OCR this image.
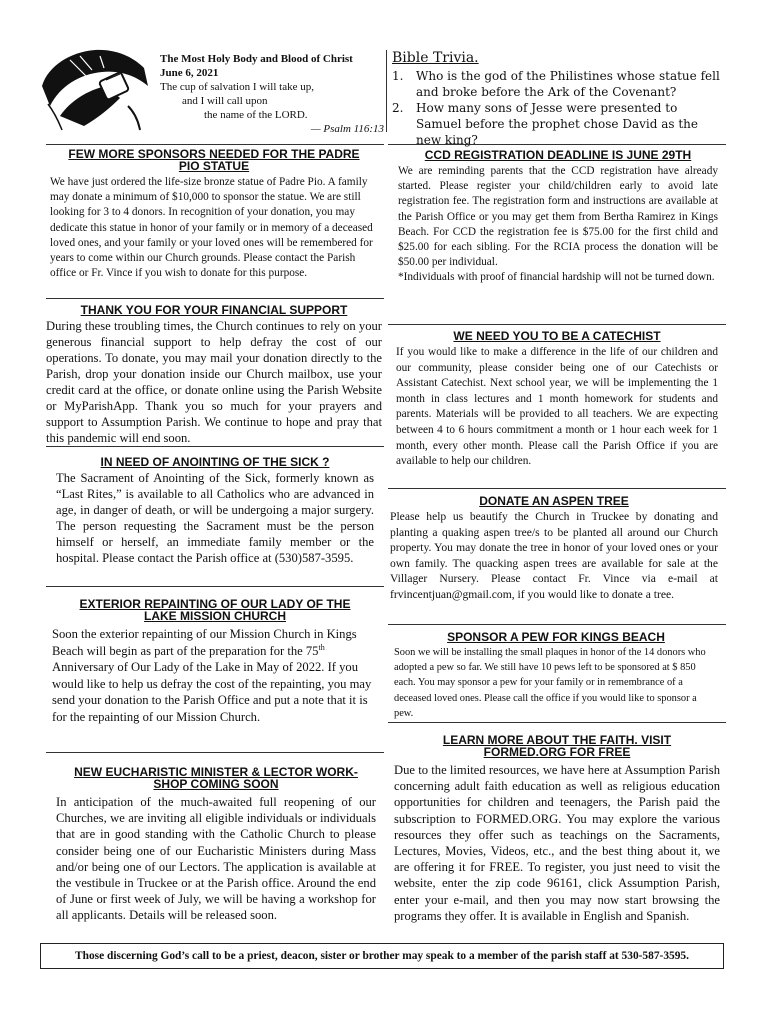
The Most Holy Body and Blood of Christ
June 6, 2021
The cup of salvation I will take up,
and I will call upon
the name of the LORD.
— Psalm 116:13
Bible Trivia.
1.	Who is the god of the Philistines whose statue fell and broke before the Ark of the Covenant?
2.	How many sons of Jesse were presented to Samuel before the prophet chose David as the new king?
FEW MORE SPONSORS NEEDED FOR THE PADRE PIO STATUE
We have just ordered the life-size bronze statue of Padre Pio. A family may donate a minimum of $10,000 to sponsor the statue. We are still looking for 3 to 4 donors. In recognition of your donation, you may dedicate this statue in honor of your family or in memory of a deceased loved ones, and your family or your loved ones will be remembered for years to come within our Church grounds. Please contact the Parish office or Fr. Vince if you wish to donate for this purpose.
THANK YOU FOR YOUR FINANCIAL SUPPORT
During these troubling times, the Church continues to rely on your generous financial support to help defray the cost of our operations. To donate, you may mail your donation directly to the Parish, drop your donation inside our Church mailbox, use your credit card at the office, or donate online using the Parish Website or MyParishApp. Thank you so much for your prayers and support to Assumption Parish. We continue to hope and pray that this pandemic will end soon.
IN NEED OF ANOINTING OF THE SICK ?
The Sacrament of Anointing of the Sick, formerly known as “Last Rites,” is available to all Catholics who are advanced in age, in danger of death, or will be undergoing a major surgery. The person requesting the Sacrament must be the person himself or herself, an immediate family member or the hospital. Please contact the Parish office at (530)587-3595.
EXTERIOR REPAINTING OF OUR LADY OF THE LAKE MISSION CHURCH
Soon the exterior repainting of our Mission Church in Kings Beach will begin as part of the preparation for the 75th Anniversary of Our Lady of the Lake in May of 2022. If you would like to help us defray the cost of the repainting, you may send your donation to the Parish Office and put a note that it is for the repainting of our Mission Church.
NEW EUCHARISTIC MINISTER & LECTOR WORK-SHOP COMING SOON
In anticipation of the much-awaited full reopening of our Churches, we are inviting all eligible individuals or individuals that are in good standing with the Catholic Church to please consider being one of our Eucharistic Ministers during Mass and/or being one of our Lectors. The application is available at the vestibule in Truckee or at the Parish office. Around the end of June or first week of July, we will be having a workshop for all applicants. Details will be released soon.
CCD REGISTRATION DEADLINE IS JUNE 29TH
We are reminding parents that the CCD registration have already started. Please register your child/children early to avoid late registration fee. The registration form and instructions are available at the Parish Office or you may get them from Bertha Ramirez in Kings Beach. For CCD the registration fee is $75.00 for the first child and $25.00 for each sibling. For the RCIA process the donation will be $50.00 per individual.
*Individuals with proof of financial hardship will not be turned down.
WE NEED YOU TO BE A CATECHIST
If you would like to make a difference in the life of our children and our community, please consider being one of our Catechists or Assistant Catechist. Next school year, we will be implementing the 1 month in class lectures and 1 month homework for students and parents. Materials will be provided to all teachers. We are expecting between 4 to 6 hours commitment a month or 1 hour each week for 1 month, every other month. Please call the Parish Office if you are available to help our children.
DONATE AN ASPEN TREE
Please help us beautify the Church in Truckee by donating and planting a quaking aspen tree/s to be planted all around our Church property. You may donate the tree in honor of your loved ones or your own family. The quacking aspen trees are available for sale at the Villager Nursery. Please contact Fr. Vince via e-mail at frvincentjuan@gmail.com, if you would like to donate a tree.
SPONSOR A PEW FOR KINGS BEACH
Soon we will be installing the small plaques in honor of the 14 donors who adopted a pew so far. We still have 10 pews left to be sponsored at $ 850 each. You may sponsor a pew for your family or in remembrance of a deceased loved ones. Please call the office if you would like to sponsor a pew.
LEARN MORE ABOUT THE FAITH. VISIT
FORMED.ORG FOR FREE
Due to the limited resources, we have here at Assumption Parish concerning adult faith education as well as religious education opportunities for children and teenagers, the Parish paid the subscription to FORMED.ORG. You may explore the various resources they offer such as teachings on the Sacraments, Lectures, Movies, Videos, etc., and the best thing about it, we are offering it for FREE. To register, you just need to visit the website, enter the zip code 96161, click Assumption Parish, enter your e-mail, and then you may now start browsing the programs they offer. It is available in English and Spanish.
Those discerning God’s call to be a priest, deacon, sister or brother may speak to a member of the parish staff at 530-587-3595.
